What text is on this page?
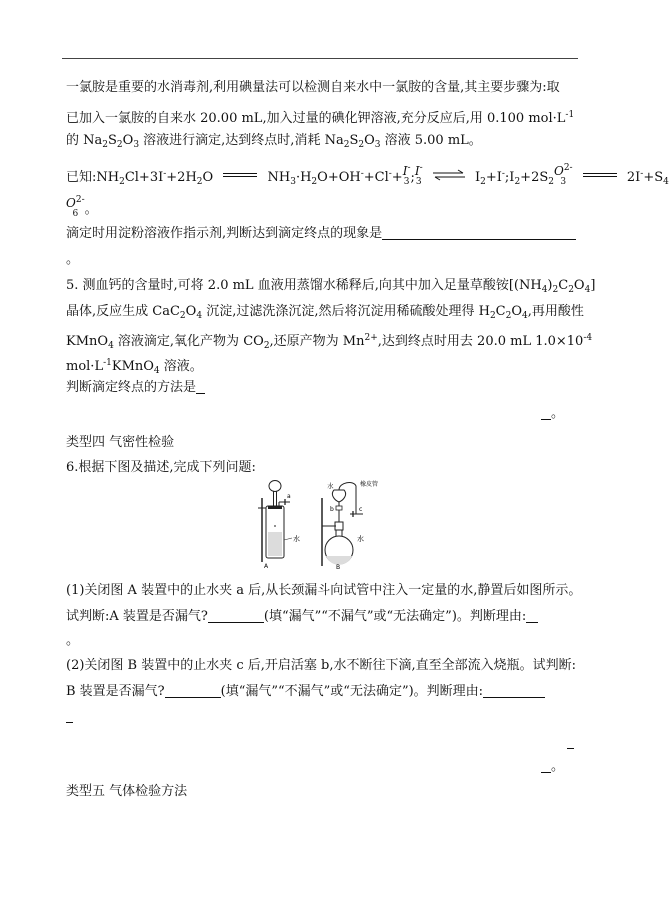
一氯胺是重要的水消毒剂,利用碘量法可以检测自来水中一氯胺的含量,其主要步骤为:取
已加入一氯胺的自来水 20.00 mL,加入过量的碘化钾溶液,充分反应后,用 0.100 $mol\cdot L^{-1}$
的 $Na_2S_2O_3$ 溶液进行滴定,达到终点时,消耗 $Na_2S_2O_3$ 溶液 5.00 mL。
已知$:NH_2Cl+3I^-+2H_2O$	$NH_3\cdot H_2O+OH^-+Cl^-+I-$
3;I-
3 ⇌ $I_2+I^-;I_2+2S_2O2-$
3	$2I^-+S_4$
O2-
6 。
滴定时用淀粉溶液作指示剂,判断达到滴定终点的现象是
。
5. 测血钙的含量时,可将 2.0 mL 血液用蒸馏水稀释后,向其中加入足量草酸铵$[(NH_4)_2C_2O_4]$
晶体,反应生成 $CaC_2O_4$ 沉淀,过滤洗涤沉淀,然后将沉淀用稀硫酸处理得 $H_2C_2O_4$,再用酸性
KMnO$_4$ 溶液滴定,氧化产物为 $CO_2$,还原产物为 $Mn^{2+}$,达到终点时用去 20.0 mL $1.0\times 10^{-4}$
$mol\cdot L^{-1}KMnO_4$ 溶液。
判断滴定终点的方法是
。
类型四 气密性检验
6.根据下图及描述,完成下列问题:
a
水
A
水	橡皮管
b	c
水
B
(1)关闭图 A 装置中的止水夹 a 后,从长颈漏斗向试管中注入一定量的水,静置后如图所示。
试判断:A 装置是否漏气?	(填“漏气”“不漏气”或“无法确定”)。判断理由:
。
(2)关闭图 B 装置中的止水夹 c 后,开启活塞 b,水不断往下滴,直至全部流入烧瓶。试判断:
B 装置是否漏气?	(填“漏气”“不漏气”或“无法确定”)。判断理由:
。
类型五 气体检验方法
